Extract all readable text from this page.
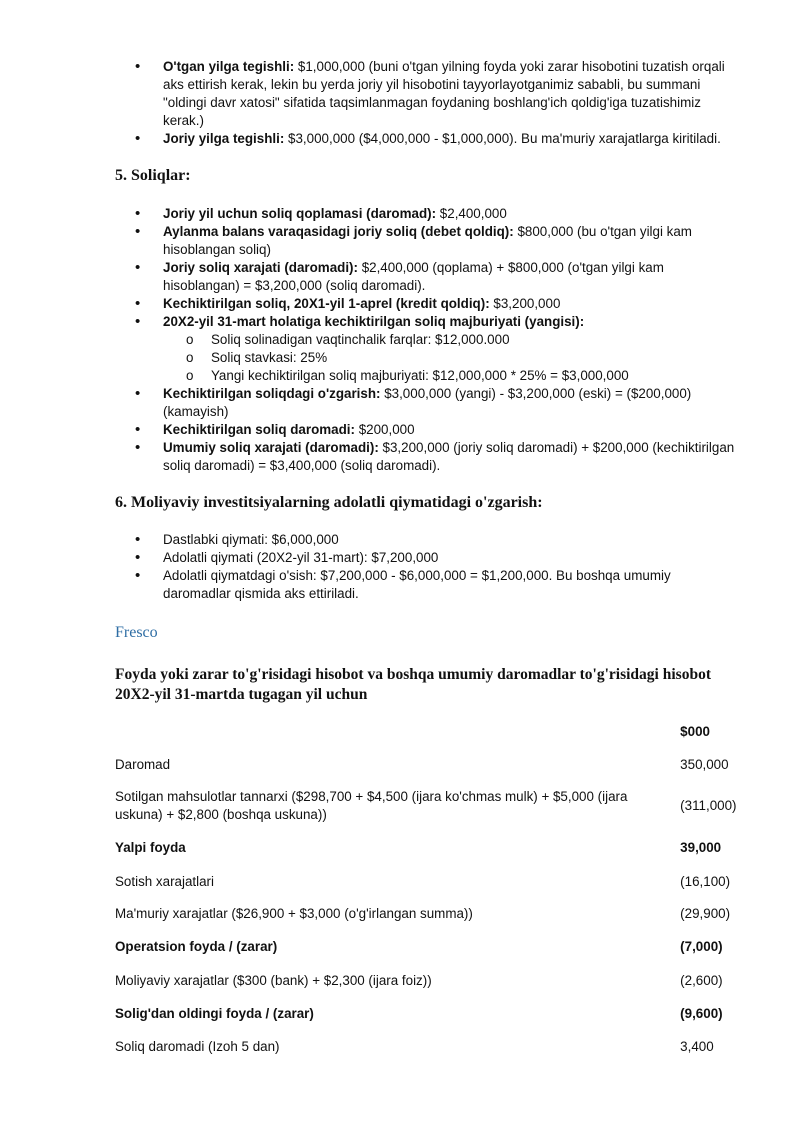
• O'tgan yilga tegishli: $1,000,000 (buni o'tgan yilning foyda yoki zarar hisobotini tuzatish orqali aks ettirish kerak, lekin bu yerda joriy yil hisobotini tayyorlayotganimiz sababli, bu summani "oldingi davr xatosi" sifatida taqsimlanmagan foydaning boshlang'ich qoldig'iga tuzatishimiz kerak.)
• Joriy yilga tegishli: $3,000,000 ($4,000,000 - $1,000,000). Bu ma'muriy xarajatlarga kiritiladi.
5. Soliqlar:
• Joriy yil uchun soliq qoplamasi (daromad): $2,400,000
• Aylanma balans varaqasidagi joriy soliq (debet qoldiq): $800,000 (bu o'tgan yilgi kam hisoblangan soliq)
• Joriy soliq xarajati (daromadi): $2,400,000 (qoplama) + $800,000 (o'tgan yilgi kam hisoblangan) = $3,200,000 (soliq daromadi).
• Kechiktirilgan soliq, 20X1-yil 1-aprel (kredit qoldiq): $3,200,000
• 20X2-yil 31-mart holatiga kechiktirilgan soliq majburiyati (yangisi):
o Soliq solinadigan vaqtinchalik farqlar: $12,000.000
o Soliq stavkasi: 25%
o Yangi kechiktirilgan soliq majburiyati: $12,000,000 * 25% = $3,000,000
• Kechiktirilgan soliqdagi o'zgarish: $3,000,000 (yangi) - $3,200,000 (eski) = ($200,000) (kamayish)
• Kechiktirilgan soliq daromadi: $200,000
• Umumiy soliq xarajati (daromadi): $3,200,000 (joriy soliq daromadi) + $200,000 (kechiktirilgan soliq daromadi) = $3,400,000 (soliq daromadi).
6. Moliyaviy investitsiyalarning adolatli qiymatidagi o'zgarish:
• Dastlabki qiymati: $6,000,000
• Adolatli qiymati (20X2-yil 31-mart): $7,200,000
• Adolatli qiymatdagi o'sish: $7,200,000 - $6,000,000 = $1,200,000. Bu boshqa umumiy daromadlar qismida aks ettiriladi.
Fresco
Foyda yoki zarar to'g'risidagi hisobot va boshqa umumiy daromadlar to'g'risidagi hisobot
20X2-yil 31-martda tugagan yil uchun
	$000
Daromad	350,000
Sotilgan mahsulotlar tannarxi ($298,700 + $4,500 (ijara ko'chmas mulk) + $5,000 (ijara uskuna) + $2,800 (boshqa uskuna))	(311,000)
Yalpi foyda	39,000
Sotish xarajatlari	(16,100)
Ma'muriy xarajatlar ($26,900 + $3,000 (o'g'irlangan summa))	(29,900)
Operatsion foyda / (zarar)	(7,000)
Moliyaviy xarajatlar ($300 (bank) + $2,300 (ijara foiz))	(2,600)
Solig'dan oldingi foyda / (zarar)	(9,600)
Soliq daromadi (Izoh 5 dan)	3,400
